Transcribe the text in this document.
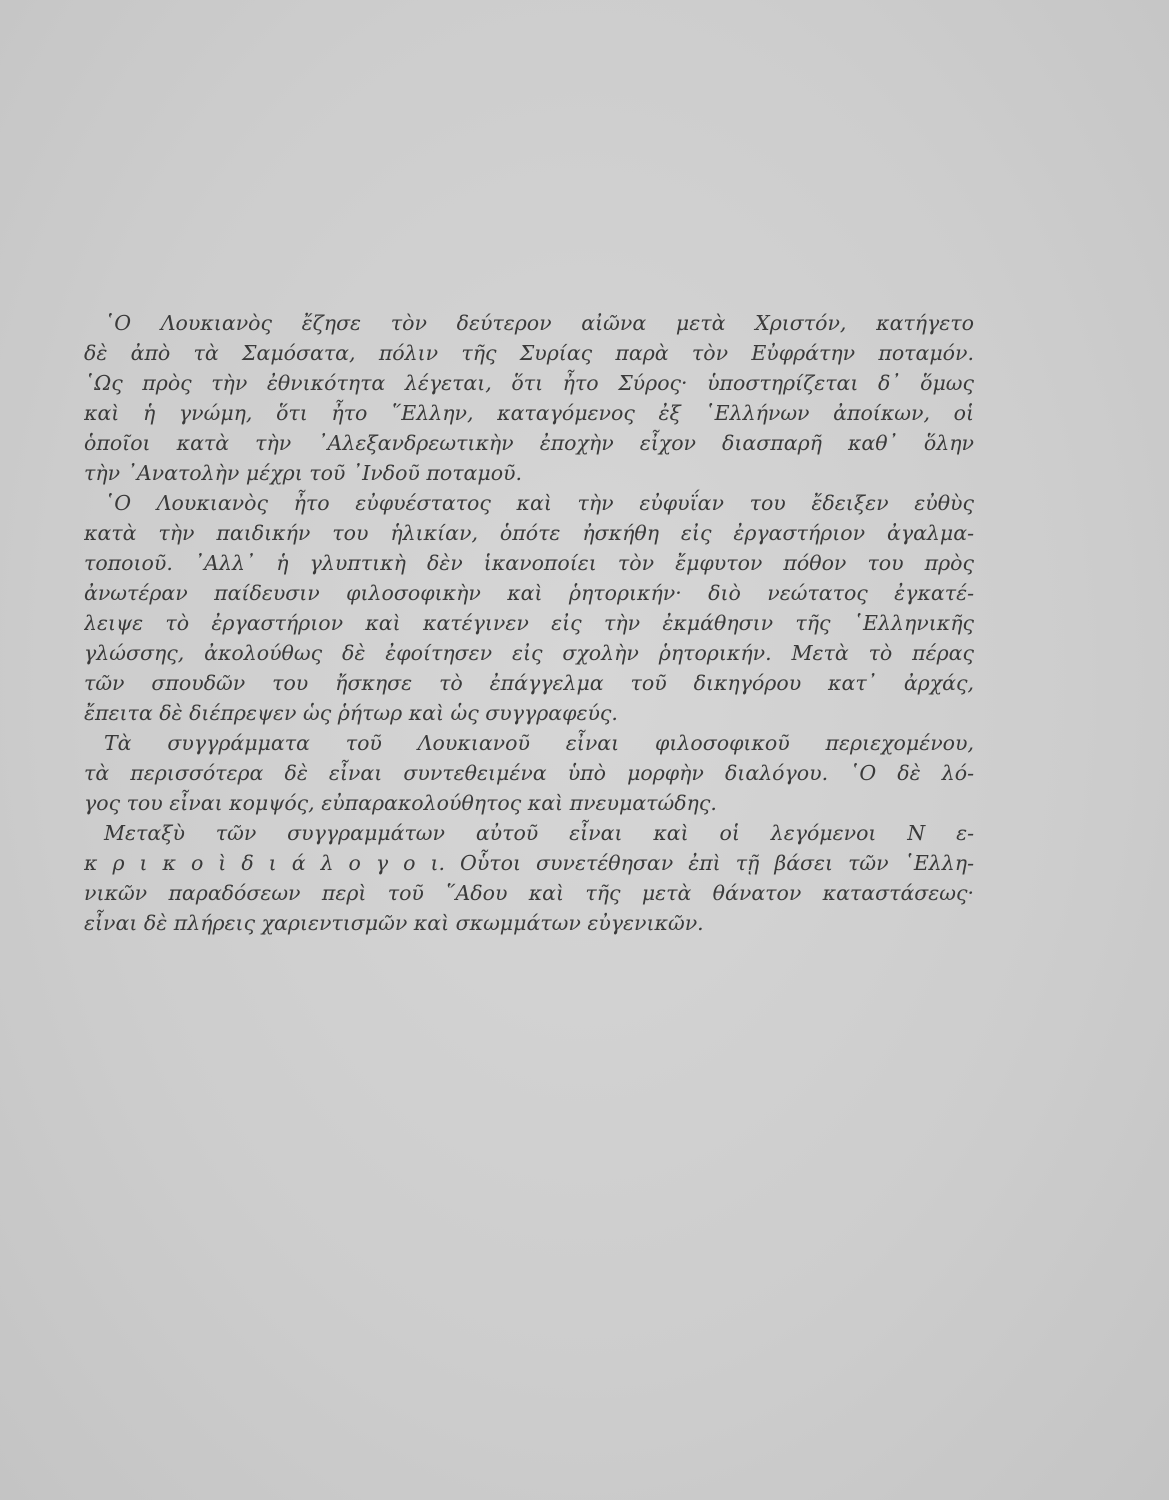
῾Ο Λουκιανὸς ἔζησε τὸν δεύτερον αἰῶνα μετὰ Χριστόν, κατήγετο
δὲ ἀπὸ τὰ Σαμόσατα, πόλιν τῆς Συρίας παρὰ τὸν Εὐφράτην ποταμόν.
῾Ως πρὸς τὴν ἐθνικότητα λέγεται, ὅτι ἦτο Σύρος· ὑποστηρίζεται δ᾿ ὅμως
καὶ ἡ γνώμη, ὅτι ἦτο ῞Ελλην, καταγόμενος ἐξ ῾Ελλήνων ἀποίκων, οἱ
ὁποῖοι κατὰ τὴν ᾿Αλεξανδρεωτικὴν ἐποχὴν εἶχον διασπαρῆ καθ᾿ ὅλην
τὴν ᾿Ανατολὴν μέχρι τοῦ ᾿Ινδοῦ ποταμοῦ.
῾Ο Λουκιανὸς ἦτο εὐφυέστατος καὶ τὴν εὐφυΐαν του ἔδειξεν εὐθὺς
κατὰ τὴν παιδικήν του ἡλικίαν, ὁπότε ἠσκήθη εἰς ἐργαστήριον ἀγαλμα-
τοποιοῦ. ᾿Αλλ᾿ ἡ γλυπτικὴ δὲν ἱκανοποίει τὸν ἔμφυτον πόθον του πρὸς
ἀνωτέραν παίδευσιν φιλοσοφικὴν καὶ ῥητορικήν· διὸ νεώτατος ἐγκατέ-
λειψε τὸ ἐργαστήριον καὶ κατέγινεν εἰς τὴν ἐκμάθησιν τῆς ῾Ελληνικῆς
γλώσσης, ἀκολούθως δὲ ἐφοίτησεν εἰς σχολὴν ῥητορικήν. Μετὰ τὸ πέρας
τῶν σπουδῶν του ἤσκησε τὸ ἐπάγγελμα τοῦ δικηγόρου κατ᾿ ἀρχάς,
ἔπειτα δὲ διέπρεψεν ὡς ῥήτωρ καὶ ὡς συγγραφεύς.
Τὰ συγγράμματα τοῦ Λουκιανοῦ εἶναι φιλοσοφικοῦ περιεχομένου,
τὰ περισσότερα δὲ εἶναι συντεθειμένα ὑπὸ μορφὴν διαλόγου. ῾Ο δὲ λό-
γος του εἶναι κομψός, εὐπαρακολούθητος καὶ πνευματώδης.
Μεταξὺ τῶν συγγραμμάτων αὐτοῦ εἶναι καὶ οἱ λεγόμενοι Ν ε-
κ ρ ι κ ο ὶ δ ι ά λ ο γ ο ι. Οὗτοι συνετέθησαν ἐπὶ τῇ βάσει τῶν ῾Ελλη-
νικῶν παραδόσεων περὶ τοῦ ῞Αδου καὶ τῆς μετὰ θάνατον καταστάσεως·
εἶναι δὲ πλήρεις χαριεντισμῶν καὶ σκωμμάτων εὐγενικῶν.
